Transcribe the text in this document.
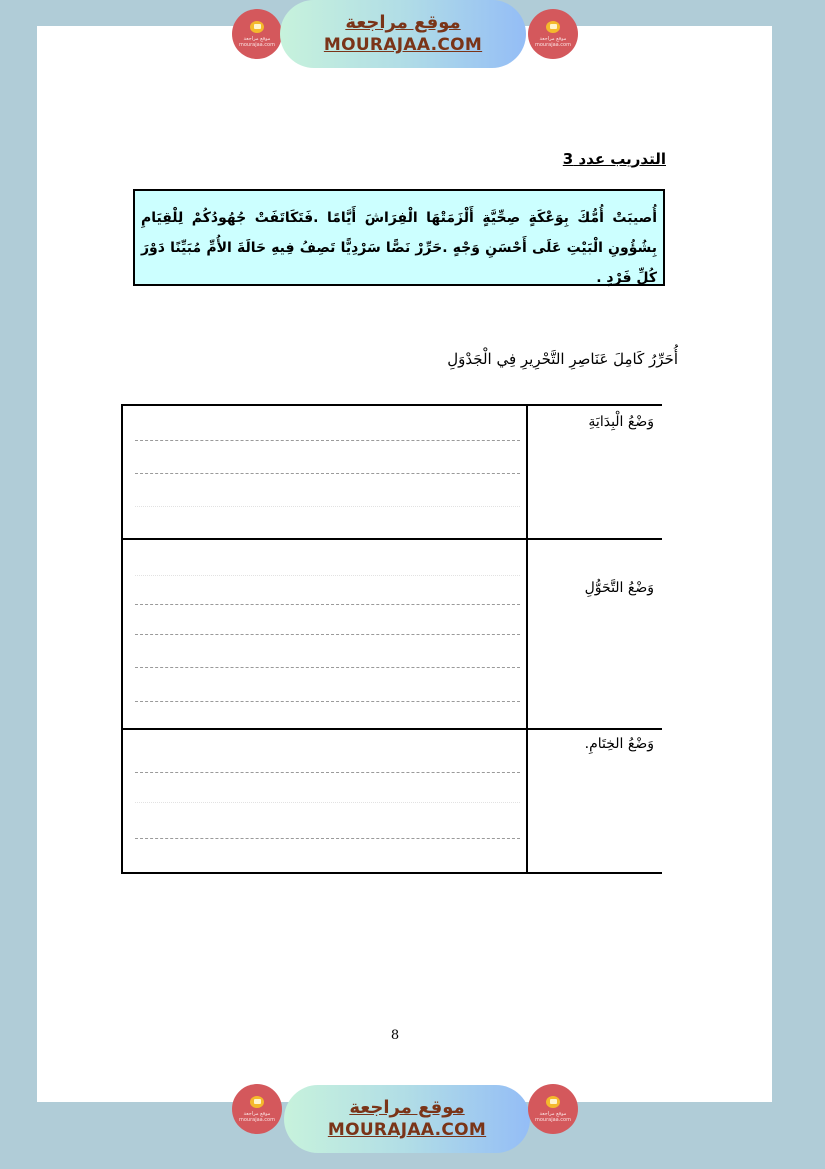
موقع مراجعة
mourajaa.com
موقع مراجعة
MOURAJAA.COM	موقع مراجعة
mourajaa.com
التدريب عدد 3
أُصيبَتْ أُمُّكَ بِوَعْكَةٍ صِحِّيَّةٍ أَلْزَمَتْهَا الْفِرَاشَ أَيَّامًا .فَتَكَاتَفَتْ جُهُودُكُمْ لِلْقِيَامِ بِشُؤُونِ الْبَيْتِ عَلَى أَحْسَنِ وَجْهٍ .حَرِّرْ نَصًّا سَرْدِيًّا تَصِفُ فِيهِ حَالَةَ الأُمِّ مُبَيِّنًا دَوْرَ كُلِّ فَرْدٍ .
أُحَرِّرُ كَامِلَ عَنَاصِرِ التَّحْرِيرِ فِي الْجَدْوَلِ
وَضْعُ الْبِدَايَةِ	

وَضْعُ التَّحَوُّلِ	

وَضْعُ الخِتَامِ.	

8
موقع مراجعة
mourajaa.com
موقع مراجعة
MOURAJAA.COM
موقع مراجعة
mourajaa.com
